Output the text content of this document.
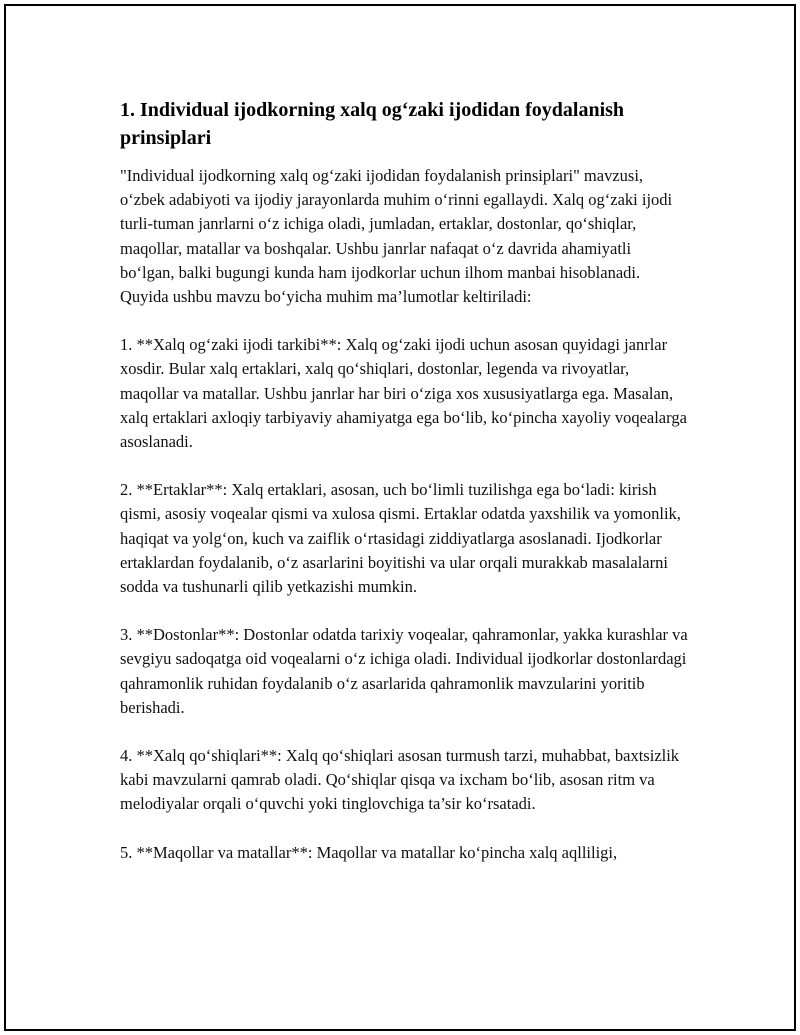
1. Individual ijodkorning xalq og‘zaki ijodidan foydalanish prinsiplari

"Individual ijodkorning xalq og‘zaki ijodidan foydalanish prinsiplari" mavzusi, o‘zbek adabiyoti va ijodiy jarayonlarda muhim o‘rinni egallaydi. Xalq og‘zaki ijodi turli-tuman janrlarni o‘z ichiga oladi, jumladan, ertaklar, dostonlar, qo‘shiqlar, maqollar, matallar va boshqalar. Ushbu janrlar nafaqat o‘z davrida ahamiyatli bo‘lgan, balki bugungi kunda ham ijodkorlar uchun ilhom manbai hisoblanadi. Quyida ushbu mavzu bo‘yicha muhim ma’lumotlar keltiriladi:

1. **Xalq og‘zaki ijodi tarkibi**: Xalq og‘zaki ijodi uchun asosan quyidagi janrlar xosdir. Bular xalq ertaklari, xalq qo‘shiqlari, dostonlar, legenda va rivoyatlar, maqollar va matallar. Ushbu janrlar har biri o‘ziga xos xususiyatlarga ega. Masalan, xalq ertaklari axloqiy tarbiyaviy ahamiyatga ega bo‘lib, ko‘pincha xayoliy voqealarga asoslanadi.

2. **Ertaklar**: Xalq ertaklari, asosan, uch bo‘limli tuzilishga ega bo‘ladi: kirish qismi, asosiy voqealar qismi va xulosa qismi. Ertaklar odatda yaxshilik va yomonlik, haqiqat va yolg‘on, kuch va zaiflik o‘rtasidagi ziddiyatlarga asoslanadi. Ijodkorlar ertaklardan foydalanib, o‘z asarlarini boyitishi va ular orqali murakkab masalalarni sodda va tushunarli qilib yetkazishi mumkin.

3. **Dostonlar**: Dostonlar odatda tarixiy voqealar, qahramonlar, yakka kurashlar va sevgiyu sadoqatga oid voqealarni o‘z ichiga oladi. Individual ijodkorlar dostonlardagi qahramonlik ruhidan foydalanib o‘z asarlarida qahramonlik mavzularini yoritib berishadi.

4. **Xalq qo‘shiqlari**: Xalq qo‘shiqlari asosan turmush tarzi, muhabbat, baxtsizlik kabi mavzularni qamrab oladi. Qo‘shiqlar qisqa va ixcham bo‘lib, asosan ritm va melodiyalar orqali o‘quvchi yoki tinglovchiga ta’sir ko‘rsatadi.

5. **Maqollar va matallar**: Maqollar va matallar ko‘pincha xalq aqlliligi,
